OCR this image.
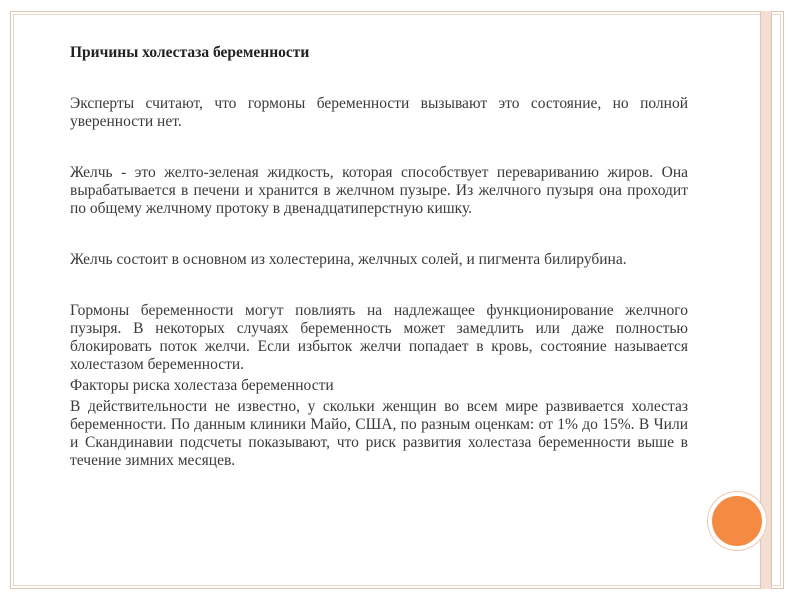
Причины холестаза беременности
Эксперты считают, что гормоны беременности вызывают это состояние, но полной уверенности нет.
Желчь - это желто-зеленая жидкость, которая способствует перевариванию жиров. Она вырабатывается в печени и хранится в желчном пузыре. Из желчного пузыря она проходит по общему желчному протоку в двенадцатиперстную кишку.
Желчь состоит в основном из холестерина, желчных солей, и пигмента билирубина.
Гормоны беременности могут повлиять на надлежащее функционирование желчного пузыря. В некоторых случаях беременность может замедлить или даже полностью блокировать поток желчи. Если избыток желчи попадает в кровь, состояние называется холестазом беременности.
Факторы риска холестаза беременности
В действительности не известно, у скольки женщин во всем мире развивается холестаз беременности. По данным клиники Майо, США, по разным оценкам: от 1% до 15%. В Чили и Скандинавии подсчеты показывают, что риск развития холестаза беременности выше в течение зимних месяцев.
